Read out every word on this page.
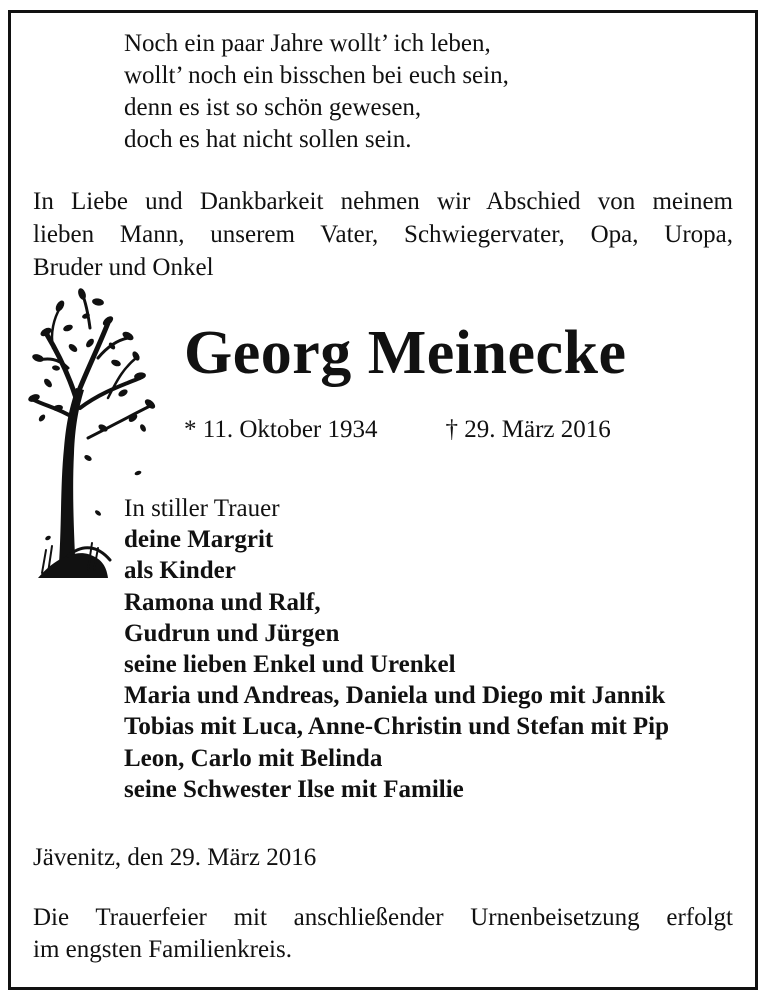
Noch ein paar Jahre wollt’ ich leben,
wollt’ noch ein bisschen bei euch sein,
denn es ist so schön gewesen,
doch es hat nicht sollen sein.
In Liebe und Dankbarkeit nehmen wir Abschied von meinem
lieben Mann, unserem Vater, Schwiegervater, Opa, Uropa,
Bruder und Onkel
Georg Meinecke
* 11. Oktober 1934	† 29. März 2016
In stiller Trauer
deine Margrit
als Kinder
Ramona und Ralf,
Gudrun und Jürgen
seine lieben Enkel und Urenkel
Maria und Andreas, Daniela und Diego mit Jannik
Tobias mit Luca, Anne-Christin und Stefan mit Pip
Leon, Carlo mit Belinda
seine Schwester Ilse mit Familie
Jävenitz, den 29. März 2016
Die Trauerfeier mit anschließender Urnenbeisetzung erfolgt
im engsten Familienkreis.
